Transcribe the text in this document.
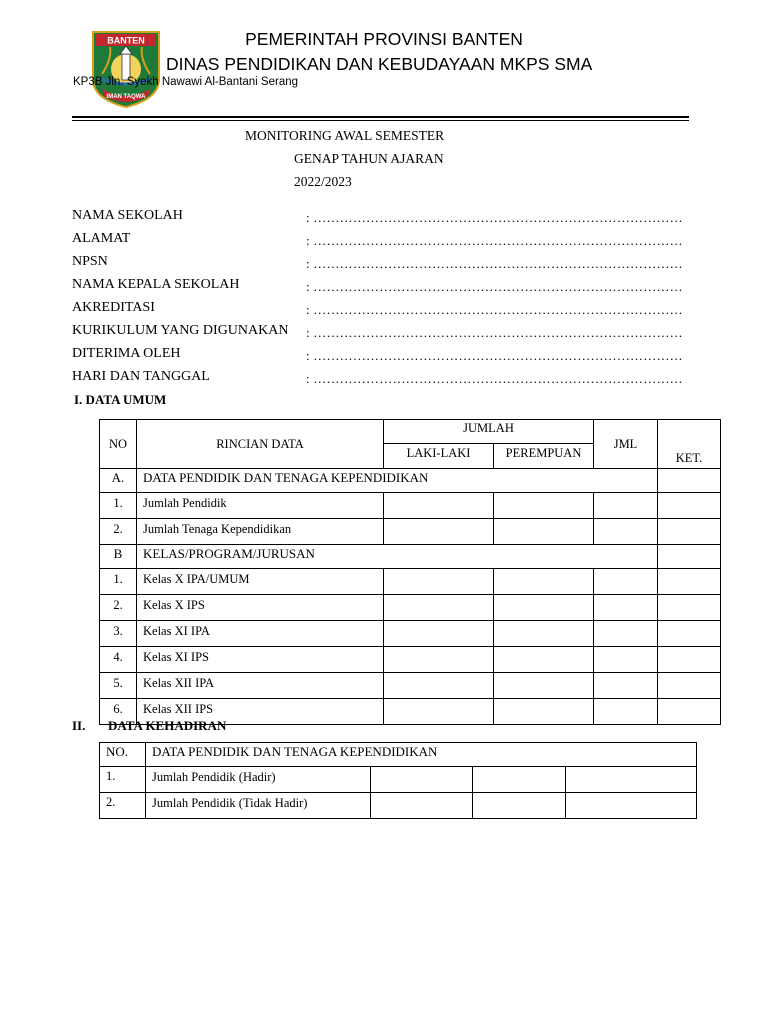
BANTEN
IMAN TAQWA
PEMERINTAH PROVINSI BANTEN
DINAS PENDIDIKAN DAN KEBUDAYAAN MKPS SMA
KP3B Jln. Syekh Nawawi Al-Bantani Serang
MONITORING AWAL SEMESTER
GENAP TAHUN AJARAN
2022/2023
NAMA SEKOLAH	: …………………………………………………………………………
ALAMAT	: …………………………………………………………………………
NPSN	: …………………………………………………………………………
NAMA KEPALA SEKOLAH	: …………………………………………………………………………
AKREDITASI	: …………………………………………………………………………
KURIKULUM YANG DIGUNAKAN : …………………………………………………………………………
DITERIMA OLEH	: …………………………………………………………………………
HARI DAN TANGGAL	: …………………………………………………………………………
I. DATA UMUM
NO	RINCIAN DATA	JUMLAH		JML	KET.
		LAKI-LAKI	PEREMPUAN		
A.	DATA PENDIDIK DAN TENAGA KEPENDIDIKAN				
1.	Jumlah Pendidik				
2.	Jumlah Tenaga Kependidikan				
B	KELAS/PROGRAM/JURUSAN				
1.	Kelas X IPA/UMUM				
2.	Kelas X IPS				
3.	Kelas XI IPA				
4.	Kelas XI IPS				
5.	Kelas XII IPA				
6.	Kelas XII IPS				
II. DATA KEHADIRAN
NO.	DATA PENDIDIK DAN TENAGA KEPENDIDIKAN			
1.	Jumlah Pendidik (Hadir)			
2.	Jumlah Pendidik (Tidak Hadir)			
